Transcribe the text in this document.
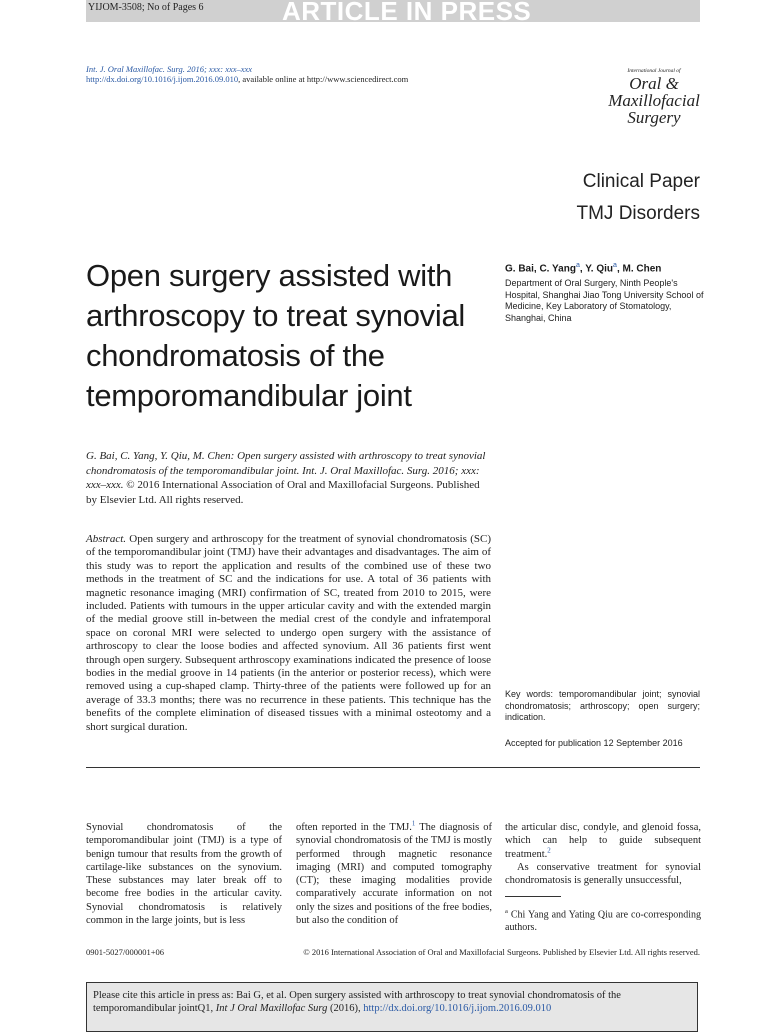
YIJOM-3508; No of Pages 6	ARTICLE IN PRESS
Int. J. Oral Maxillofac. Surg. 2016; xxx: xxx–xxx
http://dx.doi.org/10.1016/j.ijom.2016.09.010, available online at http://www.sciencedirect.com
International Journal of
Oral &
Maxillofacial
Surgery
Clinical Paper
TMJ Disorders
Open surgery assisted with arthroscopy to treat synovial chondromatosis of the temporomandibular joint
G. Bai, C. Yang$^a$, Y. Qiu$^a$, M. Chen
Department of Oral Surgery, Ninth People's Hospital, Shanghai Jiao Tong University School of Medicine, Key Laboratory of Stomatology, Shanghai, China
G. Bai, C. Yang, Y. Qiu, M. Chen: Open surgery assisted with arthroscopy to treat synovial chondromatosis of the temporomandibular joint. Int. J. Oral Maxillofac. Surg. 2016; xxx: xxx–xxx. © 2016 International Association of Oral and Maxillofacial Surgeons. Published by Elsevier Ltd. All rights reserved.
Abstract. Open surgery and arthroscopy for the treatment of synovial chondromatosis (SC) of the temporomandibular joint (TMJ) have their advantages and disadvantages. The aim of this study was to report the application and results of the combined use of these two methods in the treatment of SC and the indications for use. A total of 36 patients with magnetic resonance imaging (MRI) confirmation of SC, treated from 2010 to 2015, were included. Patients with tumours in the upper articular cavity and with the extended margin of the medial groove still in-between the medial crest of the condyle and infratemporal space on coronal MRI were selected to undergo open surgery with the assistance of arthroscopy to clear the loose bodies and affected synovium. All 36 patients first went through open surgery. Subsequent arthroscopy examinations indicated the presence of loose bodies in the medial groove in 14 patients (in the anterior or posterior recess), which were removed using a cup-shaped clamp. Thirty-three of the patients were followed up for an average of 33.3 months; there was no recurrence in these patients. This technique has the benefits of the complete elimination of diseased tissues with a minimal osteotomy and a short surgical duration.
Key words: temporomandibular joint; synovial chondromatosis; arthroscopy; open surgery; indication.
Accepted for publication 12 September 2016
Synovial chondromatosis of the temporomandibular joint (TMJ) is a type of benign tumour that results from the growth of cartilage-like substances on the synovium. These substances may later break off to become free bodies in the articular cavity. Synovial chondromatosis is relatively common in the large joints, but is less
often reported in the TMJ.$^1$ The diagnosis of synovial chondromatosis of the TMJ is mostly performed through magnetic resonance imaging (MRI) and computed tomography (CT); these imaging modalities provide comparatively accurate information on not only the sizes and positions of the free bodies, but also the condition of
the articular disc, condyle, and glenoid fossa, which can help to guide subsequent treatment.$^2$
As conservative treatment for synovial chondromatosis is generally unsuccessful,
$^a$ Chi Yang and Yating Qiu are co-corresponding authors.
0901-5027/000001+06	© 2016 International Association of Oral and Maxillofacial Surgeons. Published by Elsevier Ltd. All rights reserved.
Please cite this article in press as: Bai G, et al. Open surgery assisted with arthroscopy to treat synovial chondromatosis of the temporomandibular jointQ1, Int J Oral Maxillofac Surg (2016), http://dx.doi.org/10.1016/j.ijom.2016.09.010
